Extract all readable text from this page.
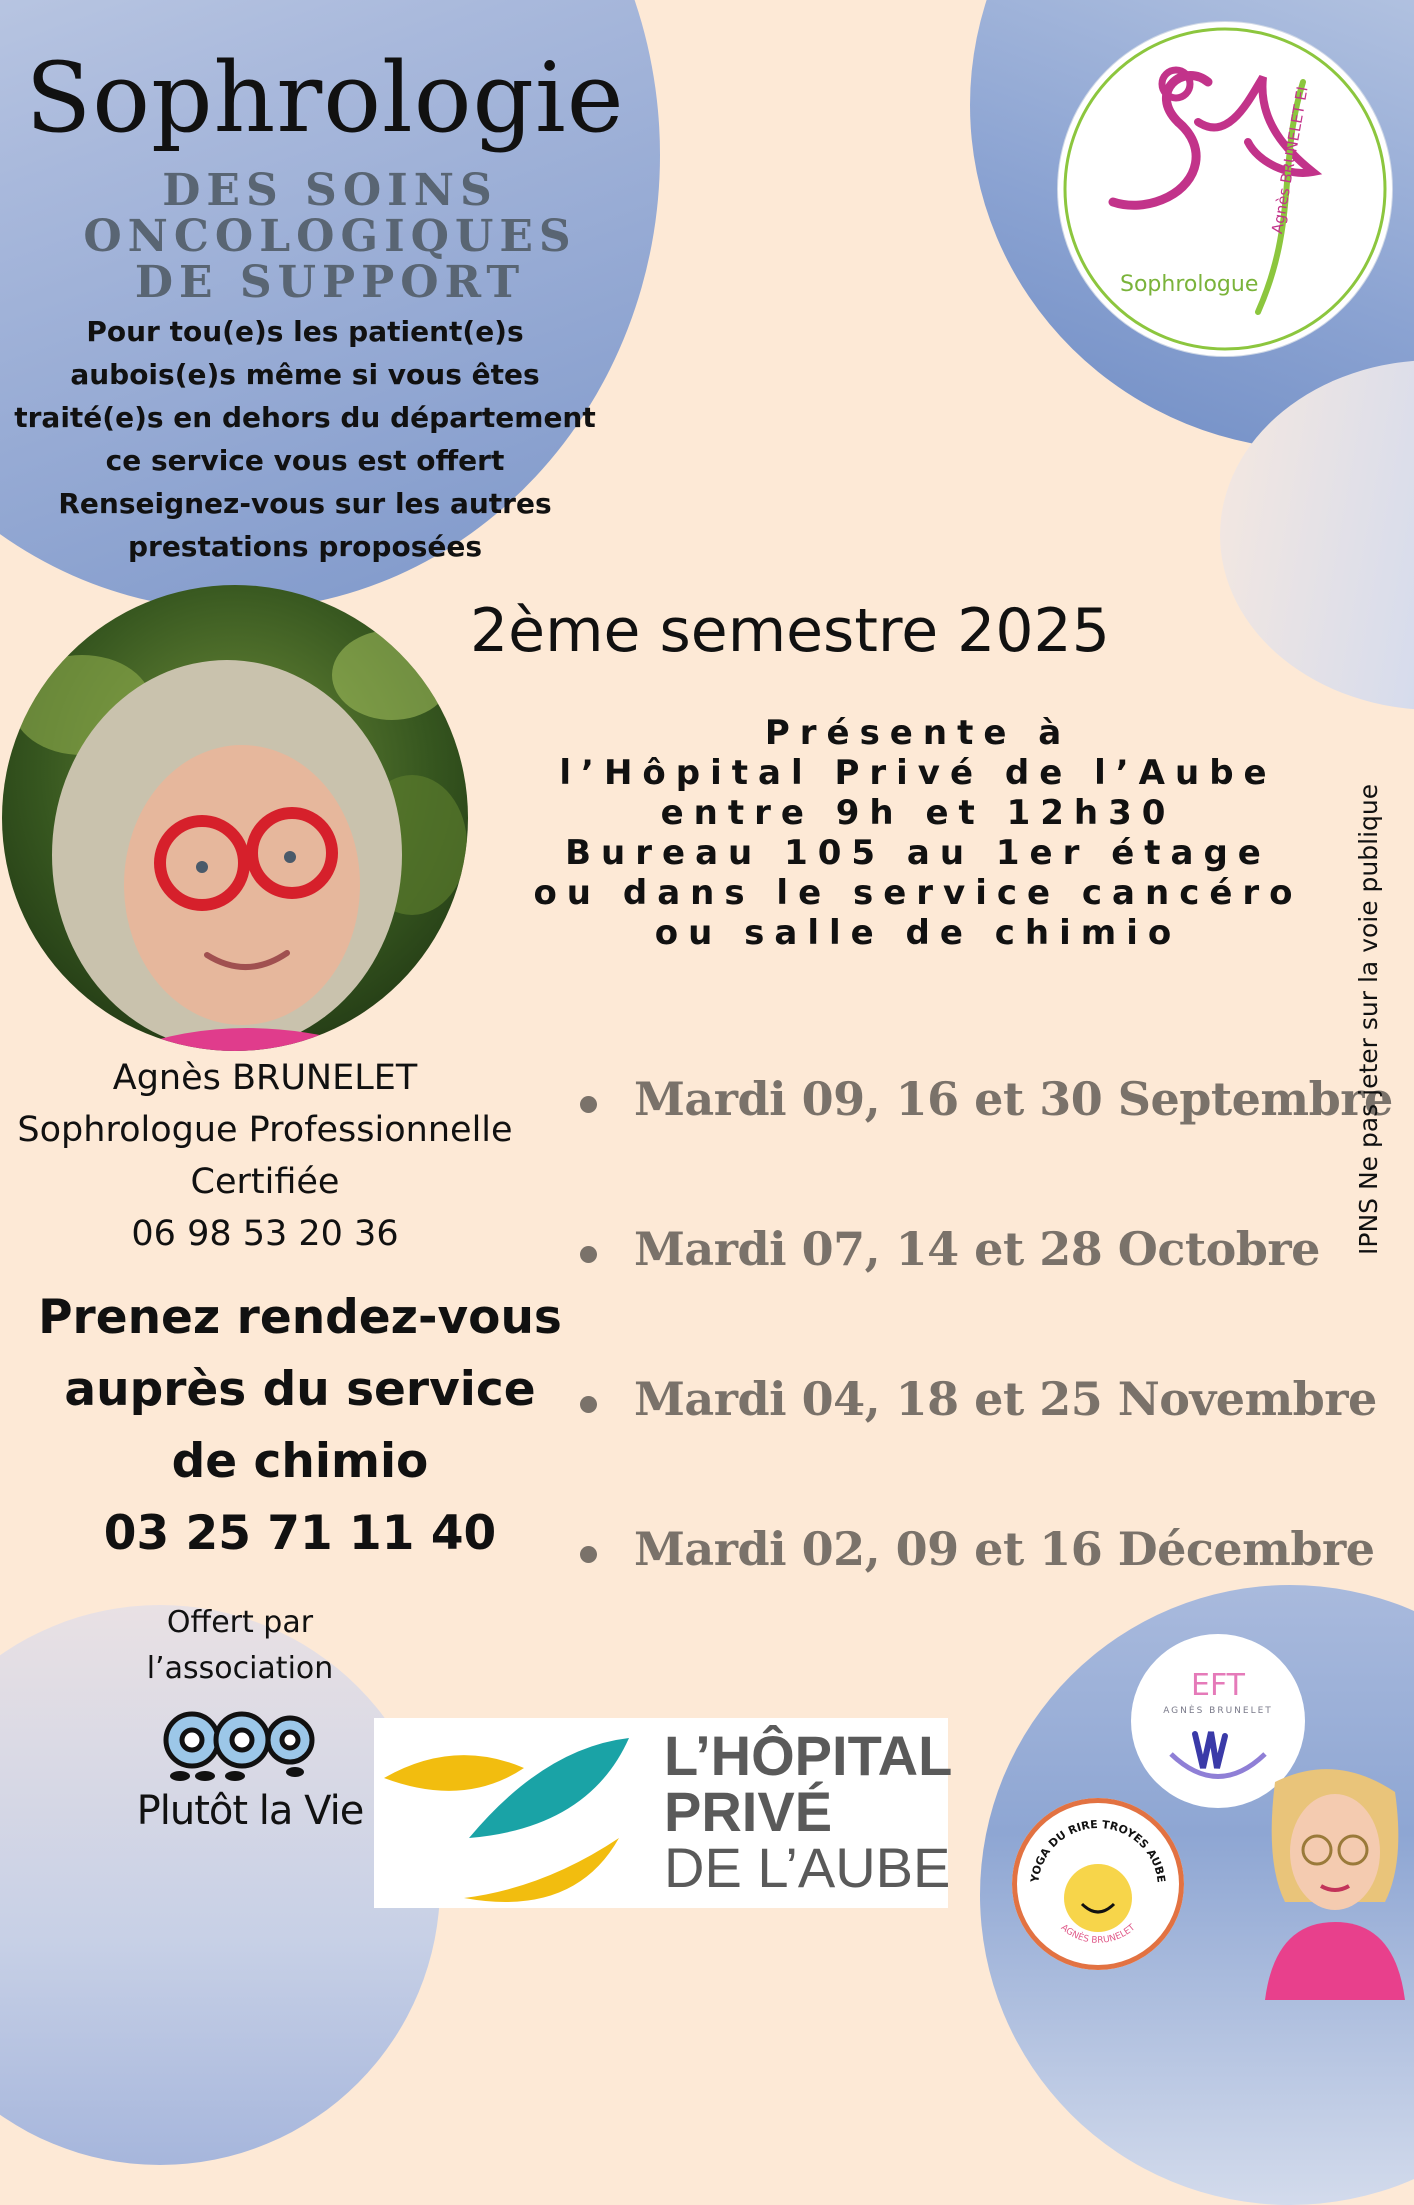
Sophrologie
DES SOINS
ONCOLOGIQUES
DE SUPPORT
Pour tou(e)s les patient(e)s
aubois(e)s même si vous êtes
traité(e)s en dehors du département
ce service vous est offert
Renseignez-vous sur les autres
prestations proposées
Sophrologue
Agnès BRUNELET EI
2ème semestre 2025
Présente à
l’Hôpital Privé de l’Aube
entre 9h et 12h30
Bureau 105 au 1er étage
ou dans le service cancéro
ou salle de chimio
Agnès BRUNELET
Sophrologue Professionnelle
Certifiée
06 98 53 20 36
Prenez rendez-vous
auprès du service
de chimio
03 25 71 11 40
Mardi 09, 16 et 30 Septembre
Mardi 07, 14 et 28 Octobre
Mardi 04, 18 et 25 Novembre
Mardi 02, 09 et 16 Décembre
IPNS Ne pas jeter sur la voie publique
Offert par
l’association
Plutôt la Vie
L’HÔPITAL
PRIVÉ
DE L’AUBE
EFT
AGNÈS BRUNELET
YOGA DU RIRE TROYES AUBE
AGNÈS BRUNELET
